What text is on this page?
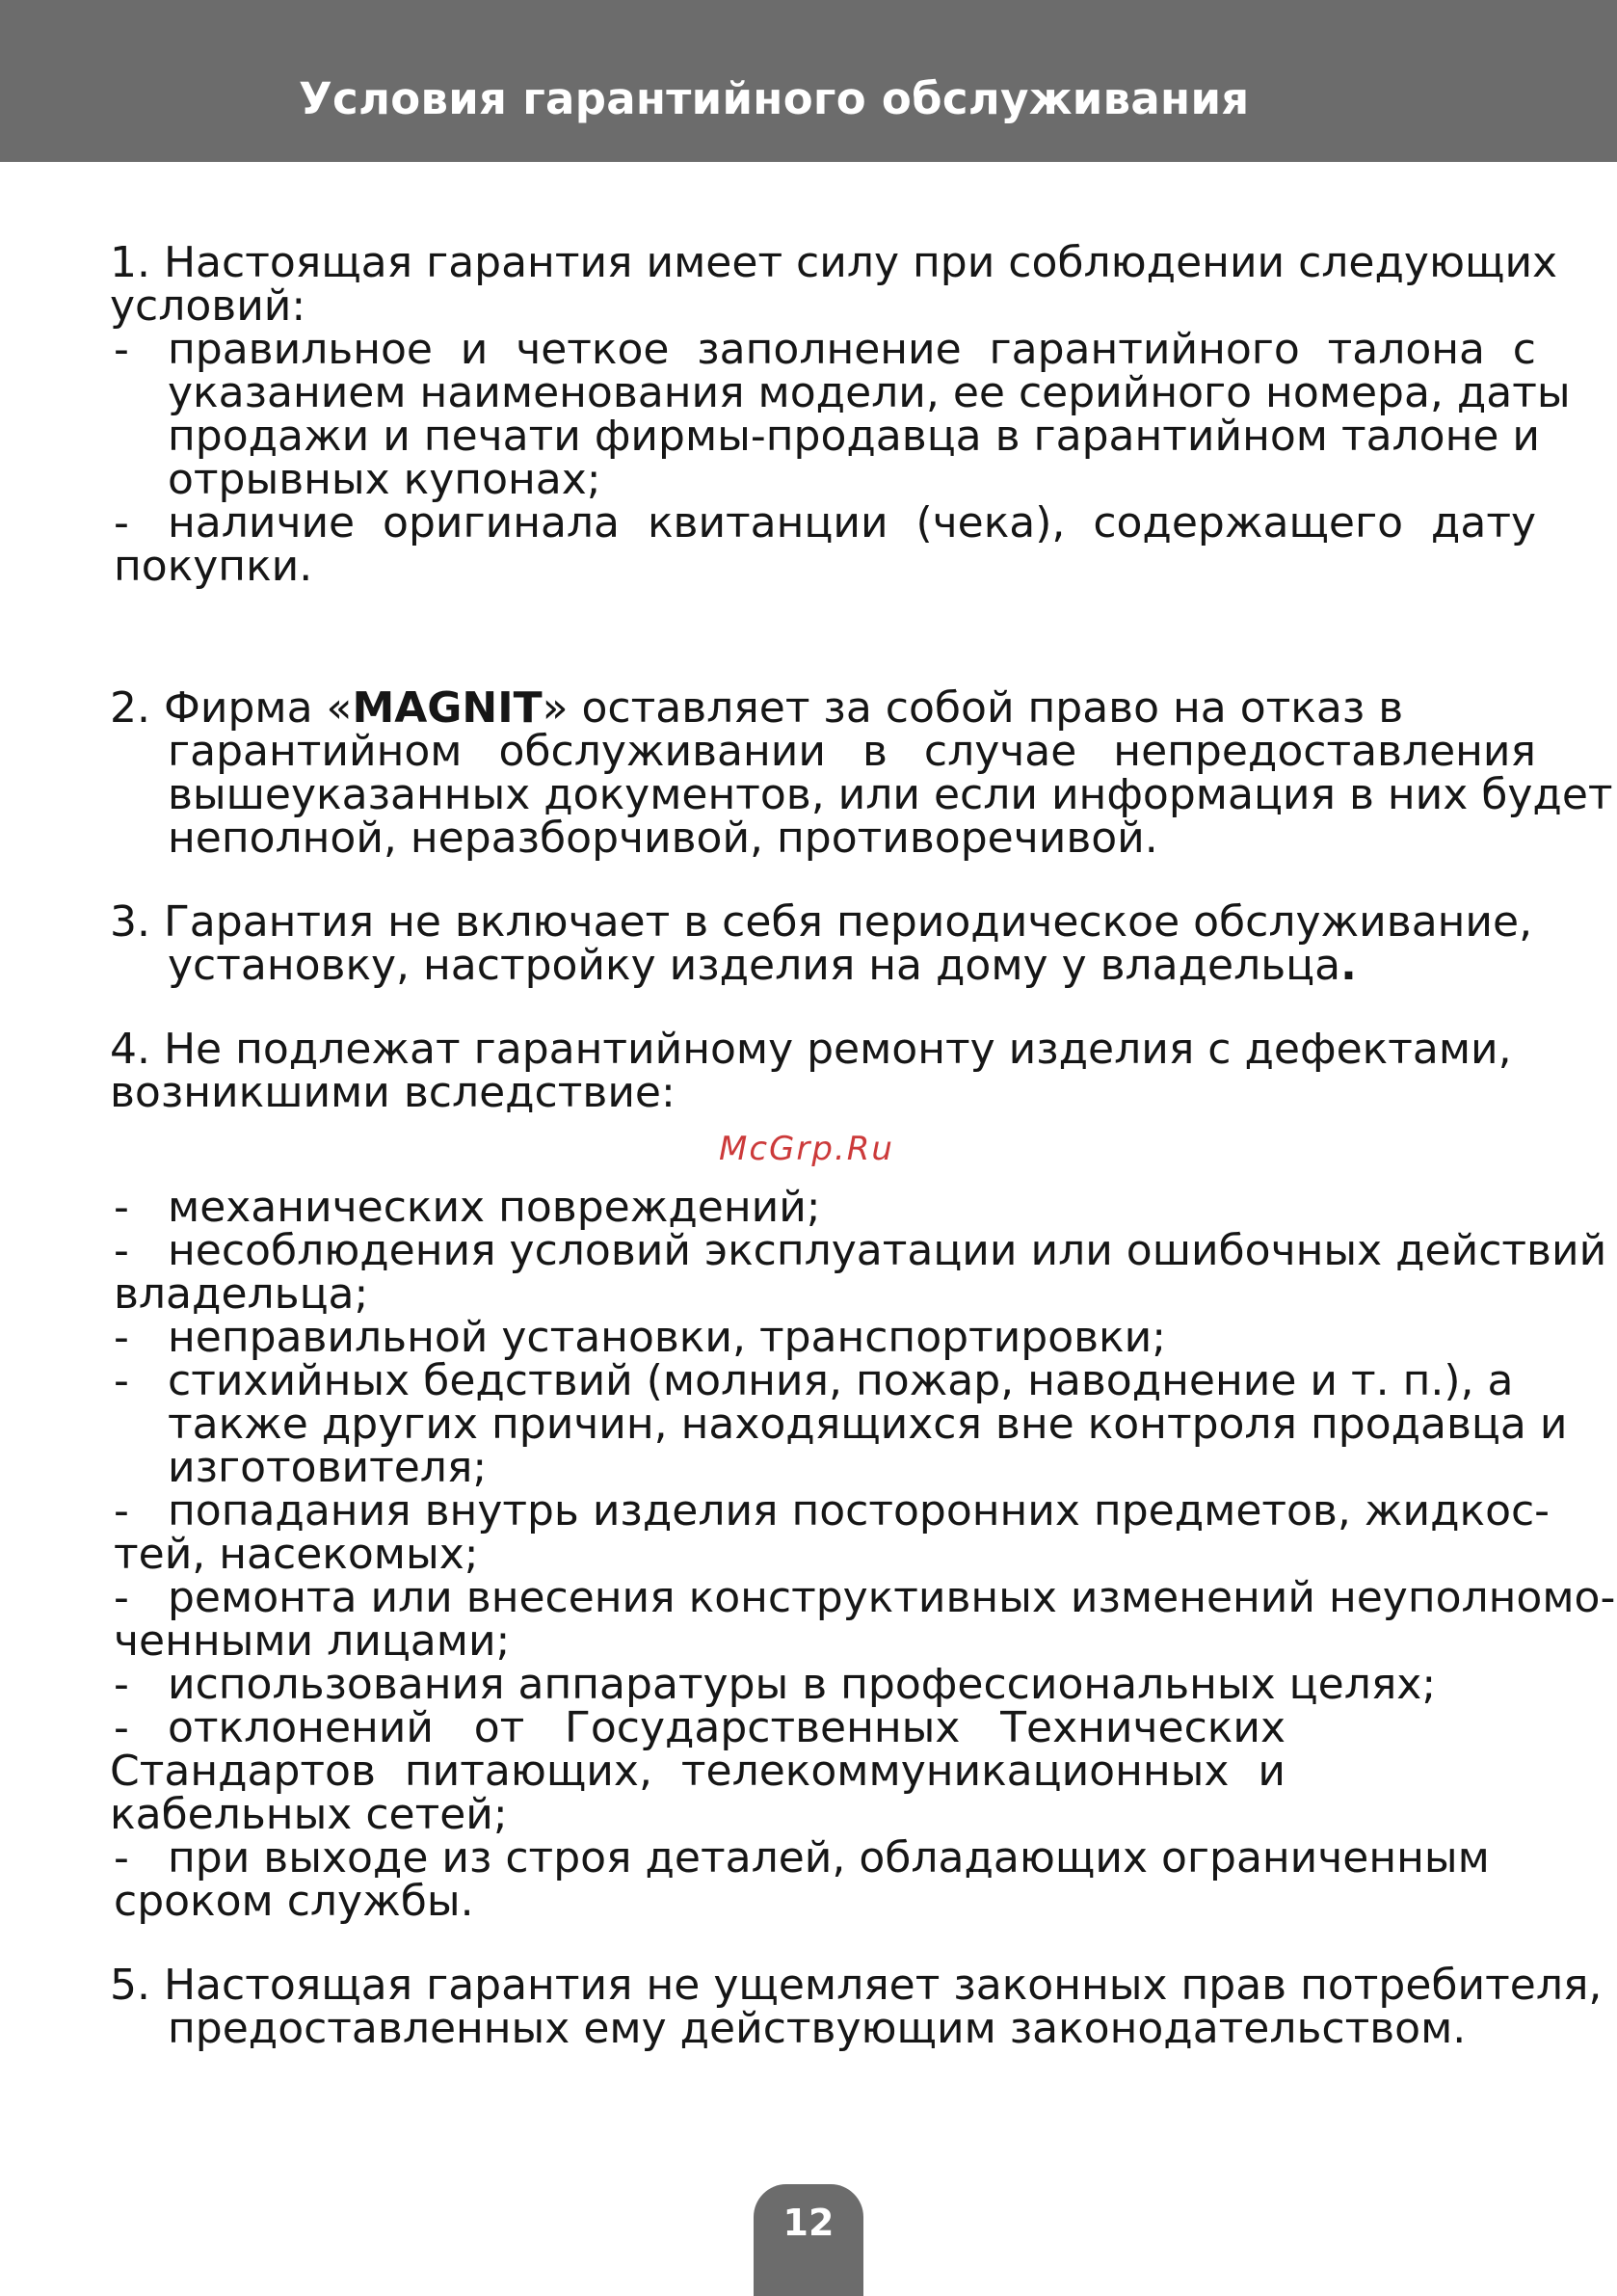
Условия гарантийного обслуживания
1. Настоящая гарантия имеет силу при соблюдении следующих
условий:
- правильное и четкое заполнение гарантийного талона с
указанием наименования модели, ее серийного номера, даты
продажи и печати фирмы-продавца в гарантийном талоне и
отрывных купонах;
- наличие оригинала квитанции (чека), содержащего дату
покупки.
2. Фирма «MAGNIT» оставляет за собой право на отказ в
гарантийном обслуживании в случае непредоставления
вышеуказанных документов, или если информация в них будет
неполной, неразборчивой, противоречивой.
3. Гарантия не включает в себя периодическое обслуживание,
установку, настройку изделия на дому у владельца.
4. Не подлежат гарантийному ремонту изделия с дефектами,
возникшими вследствие:
- механических повреждений;
- несоблюдения условий эксплуатации или ошибочных действий
владельца;
- неправильной установки, транспортировки;
- стихийных бедствий (молния, пожар, наводнение и т. п.), а
также других причин, находящихся вне контроля продавца и
изготовителя;
- попадания внутрь изделия посторонних предметов, жидкос-
тей, насекомых;
- ремонта или внесения конструктивных изменений неуполномо-
ченными лицами;
- использования аппаратуры в профессиональных целях;
- отклонений от Государственных Технических
Стандартов питающих, телекоммуникационных и
кабельных сетей;
- при выходе из строя деталей, обладающих ограниченным
сроком службы.
5. Настоящая гарантия не ущемляет законных прав потребителя,
предоставленных ему действующим законодательством.
McGrp.Ru
12
